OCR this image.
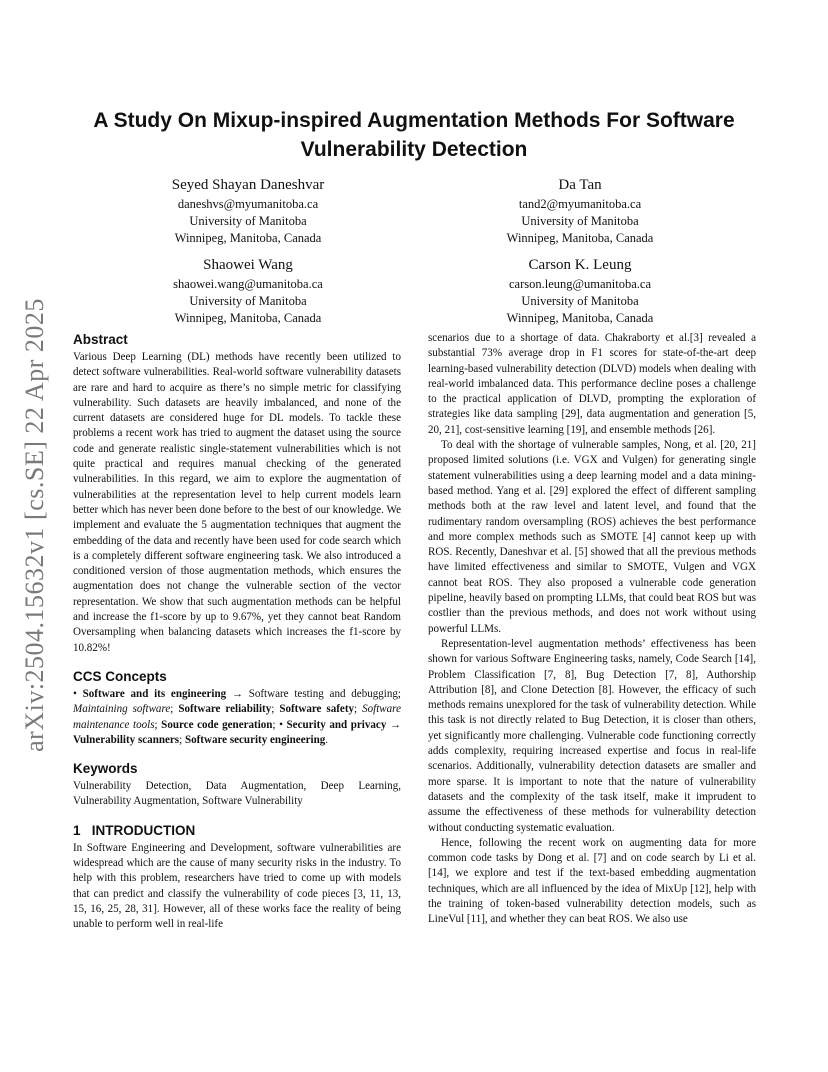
arXiv:2504.15632v1 [cs.SE] 22 Apr 2025
A Study On Mixup-inspired Augmentation Methods For Software
Vulnerability Detection
Seyed Shayan Daneshvar
daneshvs@myumanitoba.ca
University of Manitoba
Winnipeg, Manitoba, Canada
Da Tan
tand2@myumanitoba.ca
University of Manitoba
Winnipeg, Manitoba, Canada
Shaowei Wang
shaowei.wang@umanitoba.ca
University of Manitoba
Winnipeg, Manitoba, Canada
Carson K. Leung
carson.leung@umanitoba.ca
University of Manitoba
Winnipeg, Manitoba, Canada
Abstract

Various Deep Learning (DL) methods have recently been utilized to detect software vulnerabilities. Real-world software vulnerability datasets are rare and hard to acquire as there’s no simple metric for classifying vulnerability. Such datasets are heavily imbalanced, and none of the current datasets are considered huge for DL models. To tackle these problems a recent work has tried to augment the dataset using the source code and generate realistic single-statement vulnerabilities which is not quite practical and requires manual checking of the generated vulnerabilities. In this regard, we aim to explore the augmentation of vulnerabilities at the representation level to help current models learn better which has never been done before to the best of our knowledge. We implement and evaluate the 5 augmentation techniques that augment the embedding of the data and recently have been used for code search which is a completely different software engineering task. We also introduced a conditioned version of those augmentation methods, which ensures the augmentation does not change the vulnerable section of the vector representation. We show that such augmentation methods can be helpful and increase the f1-score by up to 9.67%, yet they cannot beat Random Oversampling when balancing datasets which increases the f1-score by 10.82%!

CCS Concepts

• Software and its engineering → Software testing and debugging; Maintaining software; Software reliability; Software safety; Software maintenance tools; Source code generation; • Security and privacy → Vulnerability scanners; Software security engineering.

Keywords

Vulnerability Detection, Data Augmentation, Deep Learning, Vulnerability Augmentation, Software Vulnerability

1 INTRODUCTION

In Software Engineering and Development, software vulnerabilities are widespread which are the cause of many security risks in the industry. To help with this problem, researchers have tried to come up with models that can predict and classify the vulnerability of code pieces [3, 11, 13, 15, 16, 25, 28, 31]. However, all of these works face the reality of being unable to perform well in real-life

scenarios due to a shortage of data. Chakraborty et al.[3] revealed a substantial 73% average drop in F1 scores for state-of-the-art deep learning-based vulnerability detection (DLVD) models when dealing with real-world imbalanced data. This performance decline poses a challenge to the practical application of DLVD, prompting the exploration of strategies like data sampling [29], data augmentation and generation [5, 20, 21], cost-sensitive learning [19], and ensemble methods [26].

To deal with the shortage of vulnerable samples, Nong, et al. [20, 21] proposed limited solutions (i.e. VGX and Vulgen) for generating single statement vulnerabilities using a deep learning model and a data mining-based method. Yang et al. [29] explored the effect of different sampling methods both at the raw level and latent level, and found that the rudimentary random oversampling (ROS) achieves the best performance and more complex methods such as SMOTE [4] cannot keep up with ROS. Recently, Daneshvar et al. [5] showed that all the previous methods have limited effectiveness and similar to SMOTE, Vulgen and VGX cannot beat ROS. They also proposed a vulnerable code generation pipeline, heavily based on prompting LLMs, that could beat ROS but was costlier than the previous methods, and does not work without using powerful LLMs.

Representation-level augmentation methods’ effectiveness has been shown for various Software Engineering tasks, namely, Code Search [14], Problem Classification [7, 8], Bug Detection [7, 8], Authorship Attribution [8], and Clone Detection [8]. However, the efficacy of such methods remains unexplored for the task of vulnerability detection. While this task is not directly related to Bug Detection, it is closer than others, yet significantly more challenging. Vulnerable code functioning correctly adds complexity, requiring increased expertise and focus in real-life scenarios. Additionally, vulnerability detection datasets are smaller and more sparse. It is important to note that the nature of vulnerability datasets and the complexity of the task itself, make it imprudent to assume the effectiveness of these methods for vulnerability detection without conducting systematic evaluation.

Hence, following the recent work on augmenting data for more common code tasks by Dong et al. [7] and on code search by Li et al. [14], we explore and test if the text-based embedding augmentation techniques, which are all influenced by the idea of MixUp [12], help with the training of token-based vulnerability detection models, such as LineVul [11], and whether they can beat ROS. We also use
